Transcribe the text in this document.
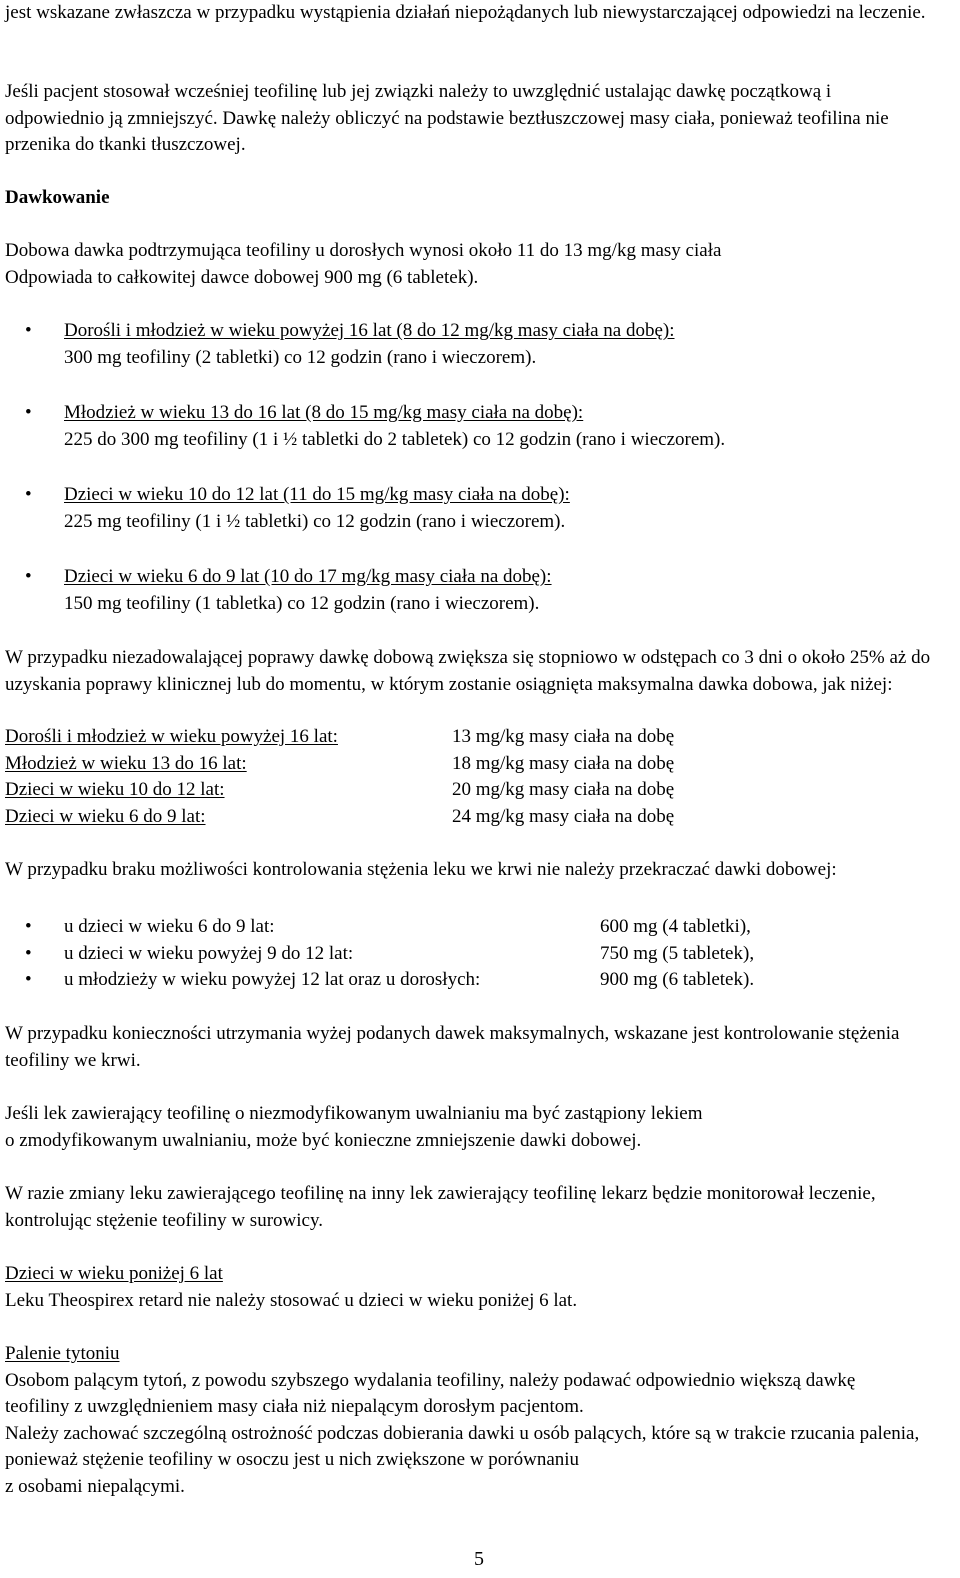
jest wskazane zwłaszcza w przypadku wystąpienia działań niepożądanych lub niewystarczającej odpowiedzi na leczenie.

Jeśli pacjent stosował wcześniej teofilinę lub jej związki należy to uwzględnić ustalając dawkę początkową i odpowiednio ją zmniejszyć. Dawkę należy obliczyć na podstawie beztłuszczowej masy ciała, ponieważ teofilina nie przenika do tkanki tłuszczowej.

Dawkowanie

Dobowa dawka podtrzymująca teofiliny u dorosłych wynosi około 11 do 13 mg/kg masy ciała
Odpowiada to całkowitej dawce dobowej 900 mg (6 tabletek).

• Dorośli i młodzież w wieku powyżej 16 lat (8 do 12 mg/kg masy ciała na dobę):
300 mg teofiliny (2 tabletki) co 12 godzin (rano i wieczorem).
• Młodzież w wieku 13 do 16 lat (8 do 15 mg/kg masy ciała na dobę):
225 do 300 mg teofiliny (1 i ½ tabletki do 2 tabletek) co 12 godzin (rano i wieczorem).
• Dzieci w wieku 10 do 12 lat (11 do 15 mg/kg masy ciała na dobę):
225 mg teofiliny (1 i ½ tabletki) co 12 godzin (rano i wieczorem).
• Dzieci w wieku 6 do 9 lat (10 do 17 mg/kg masy ciała na dobę):
150 mg teofiliny (1 tabletka) co 12 godzin (rano i wieczorem).

W przypadku niezadowalającej poprawy dawkę dobową zwiększa się stopniowo w odstępach co 3 dni o około 25% aż do uzyskania poprawy klinicznej lub do momentu, w którym zostanie osiągnięta maksymalna dawka dobowa, jak niżej:

Dorośli i młodzież w wieku powyżej 16 lat:	13 mg/kg masy ciała na dobę
Młodzież w wieku 13 do 16 lat:	18 mg/kg masy ciała na dobę
Dzieci w wieku 10 do 12 lat:	20 mg/kg masy ciała na dobę
Dzieci w wieku 6 do 9 lat:	24 mg/kg masy ciała na dobę

W przypadku braku możliwości kontrolowania stężenia leku we krwi nie należy przekraczać dawki dobowej:

• u dzieci w wieku 6 do 9 lat:	600 mg (4 tabletki),
• u dzieci w wieku powyżej 9 do 12 lat:	750 mg (5 tabletek),
• u młodzieży w wieku powyżej 12 lat oraz u dorosłych:	900 mg (6 tabletek).

W przypadku konieczności utrzymania wyżej podanych dawek maksymalnych, wskazane jest kontrolowanie stężenia teofiliny we krwi.

Jeśli lek zawierający teofilinę o niezmodyfikowanym uwalnianiu ma być zastąpiony lekiem
o zmodyfikowanym uwalnianiu, może być konieczne zmniejszenie dawki dobowej.

W razie zmiany leku zawierającego teofilinę na inny lek zawierający teofilinę lekarz będzie monitorował leczenie, kontrolując stężenie teofiliny w surowicy.

Dzieci w wieku poniżej 6 lat
Leku Theospirex retard nie należy stosować u dzieci w wieku poniżej 6 lat.

Palenie tytoniu
Osobom palącym tytoń, z powodu szybszego wydalania teofiliny, należy podawać odpowiednio większą dawkę teofiliny z uwzględnieniem masy ciała niż niepalącym dorosłym pacjentom.
Należy zachować szczególną ostrożność podczas dobierania dawki u osób palących, które są w trakcie rzucania palenia, ponieważ stężenie teofiliny w osoczu jest u nich zwiększone w porównaniu
z osobami niepalącymi.

5
